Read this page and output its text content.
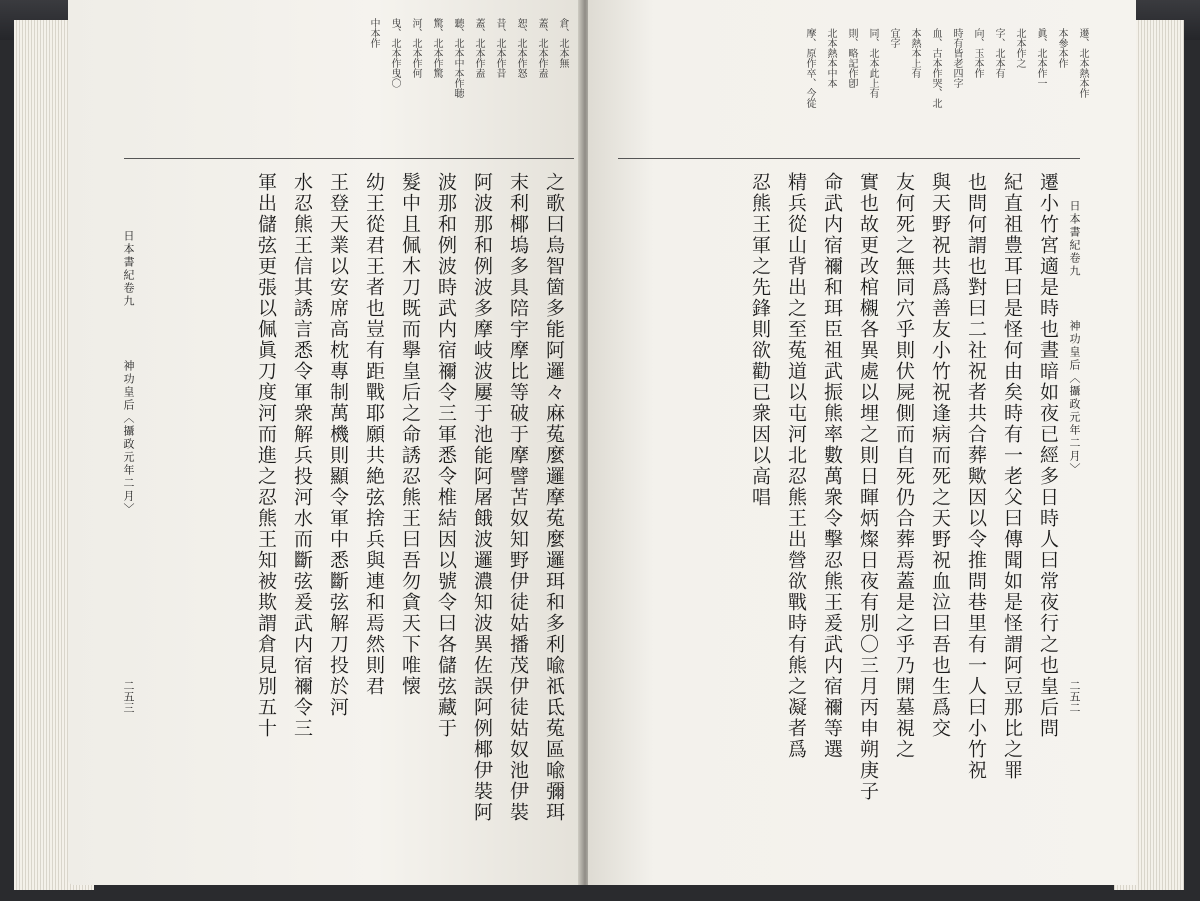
倉、北本無
蓋、北本作盍
恕、北本作怒
昔、北本作昔
蓋、北本作盍
聽、北本中本作聴
驚、北本作驚
河、北本作何
曳、北本作曳〇
中本作
之歌曰烏智箇多能阿邏々麻菟麼邏摩菟麼邏珥和多利喩祇氐菟區喩彌珥
末利椰塢多具陪宇摩比等破于摩譬苫奴知野伊徒姑播茂伊徒姑奴池伊裝
阿波那和例波多摩岐波屢于池能阿屠餓波邏濃知波異佐誤阿例椰伊裝阿
波那和例波時武内宿禰令三軍悉令椎結因以號令曰各儲弦藏于
髮中且佩木刀既而擧皇后之命誘忍熊王曰吾勿貪天下唯懐
幼王從君王者也豈有距戰耶願共絶弦捨兵與連和焉然則君
王登天業以安席高枕專制萬機則顯令軍中悉斷弦解刀投於河
水忍熊王信其誘言悉令軍衆解兵投河水而斷弦爰武内宿禰令三
軍出儲弦更張以佩眞刀度河而進之忍熊王知被欺謂倉見別五十
日本書紀卷九
神功皇后〈攝政元年二月〉
二五三
遷、北本熱本作
本參本作
眞、北本作一
北本作之
字、北本有
向、玉本作
時有皆老四字
血、古本作哭、北
本熱本上有
宜字
同、北本此上有
則、略記作卽
北本熱本中本
摩、原作卒、今從
遷小竹宮適是時也晝暗如夜已經多日時人曰常夜行之也皇后問
紀直祖豊耳曰是怪何由矣時有一老父曰傳聞如是怪謂阿豆那比之罪
也問何謂也對曰二社祝者共合葬歟因以令推問巷里有一人曰小竹祝
與天野祝共爲善友小竹祝逢病而死之天野祝血泣曰吾也生爲交
友何死之無同穴乎則伏屍側而自死仍合葬焉蓋是之乎乃開墓視之
實也故更改棺櫬各異處以埋之則日暉炳燦日夜有別〇三月丙申朔庚子
命武内宿禰和珥臣祖武振熊率數萬衆令擊忍熊王爰武内宿禰等選
精兵從山背出之至菟道以屯河北忍熊王出營欲戰時有熊之凝者爲
忍熊王軍之先鋒則欲勸已衆因以高唱	日本書紀卷九
神功皇后〈攝政元年二月〉
二五二
